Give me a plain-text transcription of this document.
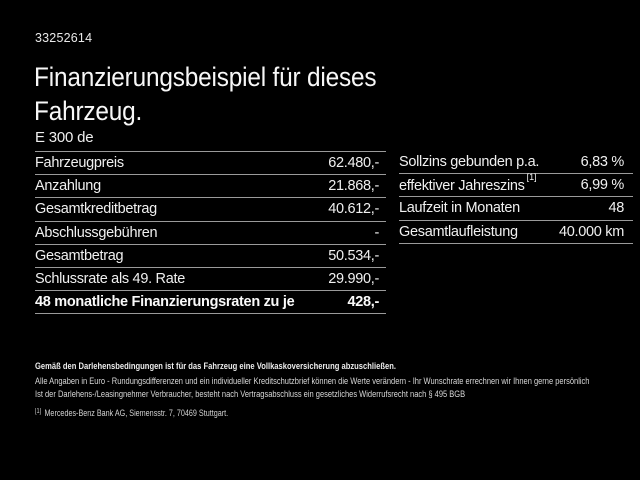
33252614
Finanzierungsbeispiel für dieses
Fahrzeug.
E 300 de
Fahrzeugpreis	62.480,-
Anzahlung	21.868,-
Gesamtkreditbetrag	40.612,-
Abschlussgebühren	-
Gesamtbetrag	50.534,-
Schlussrate als 49. Rate	29.990,-
48 monatliche Finanzierungsraten zu je	428,-
Sollzins gebunden p.a.	6,83 %
effektiver Jahreszins[1]	6,99 %
Laufzeit in Monaten	48
Gesamtlaufleistung	40.000 km
Gemäß den Darlehensbedingungen ist für das Fahrzeug eine Vollkaskoversicherung abzuschließen.
Alle Angaben in Euro - Rundungsdifferenzen und ein individueller Kreditschutzbrief können die Werte verändern - Ihr Wunschrate errechnen wir Ihnen gerne persönlich
Ist der Darlehens-/Leasingnehmer Verbraucher, besteht nach Vertragsabschluss ein gesetzliches Widerrufsrecht nach § 495 BGB
[1] Mercedes-Benz Bank AG, Siemensstr. 7, 70469 Stuttgart.
